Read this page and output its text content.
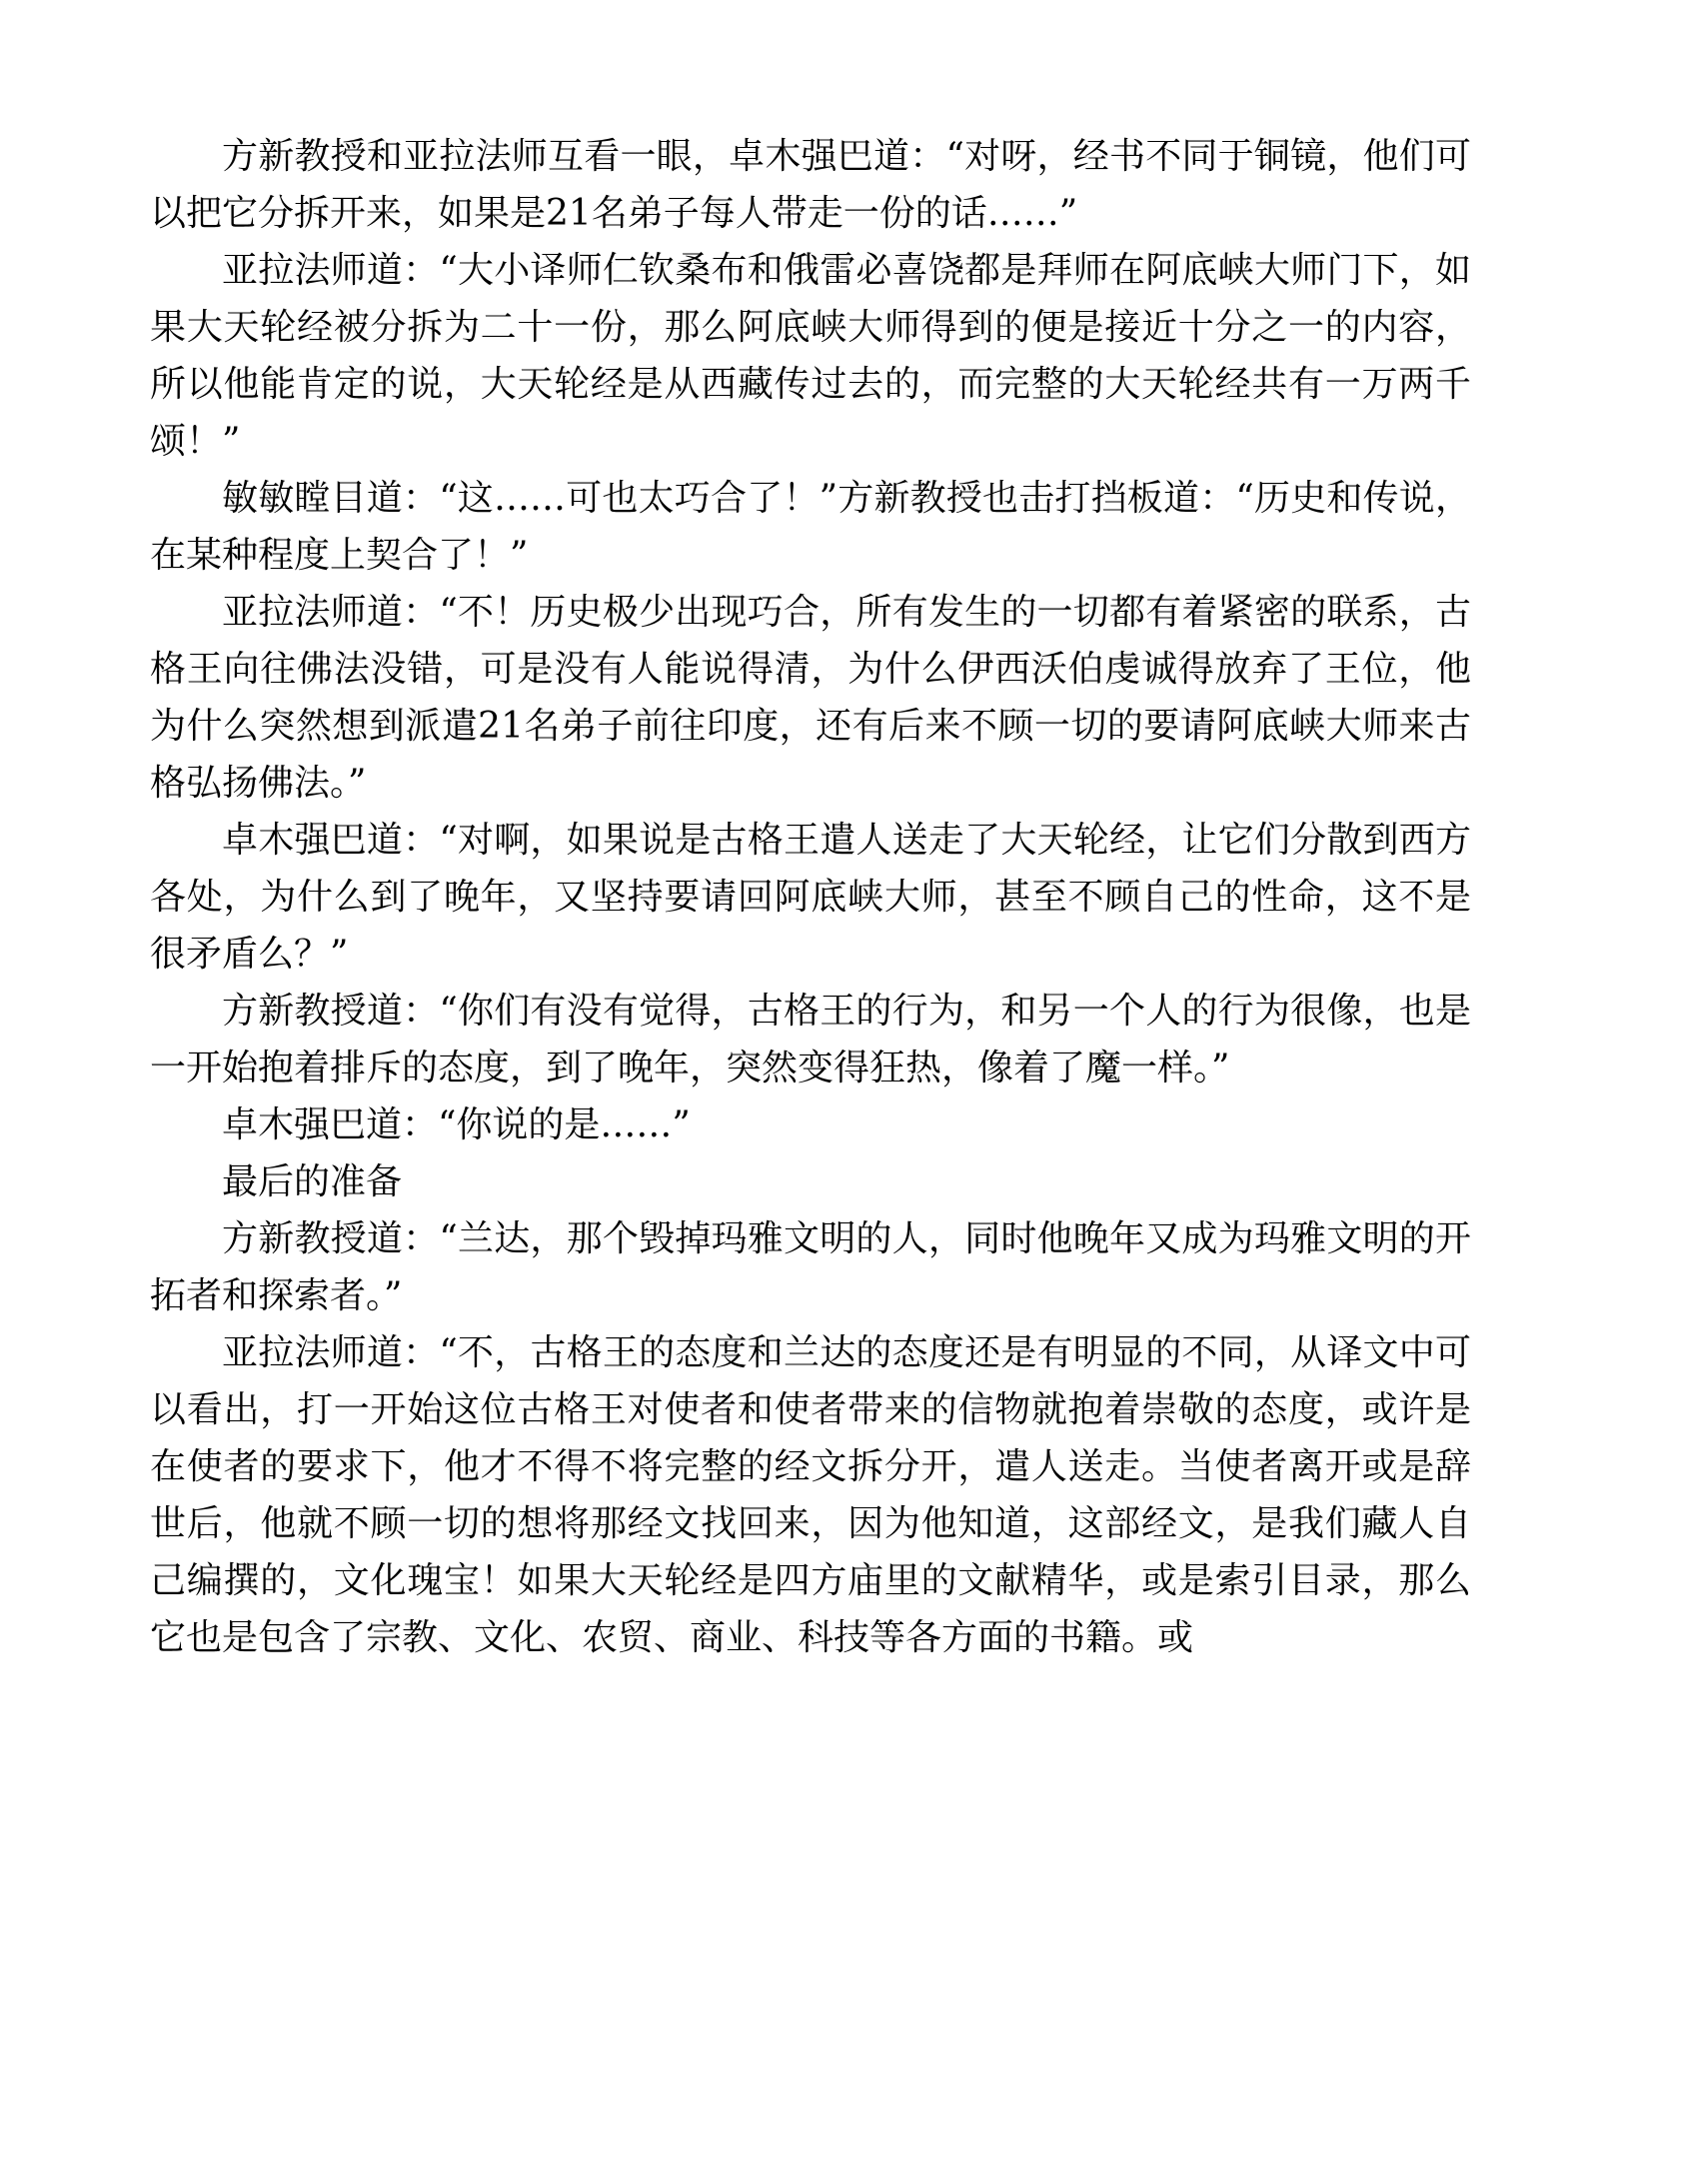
方新教授和亚拉法师互看一眼，卓木强巴道：“对呀，经书不同于铜镜，他们可以把它分拆开来，如果是21名弟子每人带走一份的话……”

亚拉法师道：“大小译师仁钦桑布和俄雷必喜饶都是拜师在阿底峡大师门下，如果大天轮经被分拆为二十一份，那么阿底峡大师得到的便是接近十分之一的内容，所以他能肯定的说，大天轮经是从西藏传过去的，而完整的大天轮经共有一万两千颂！”

敏敏瞠目道：“这……可也太巧合了！”方新教授也击打挡板道：“历史和传说，在某种程度上契合了！”

亚拉法师道：“不！历史极少出现巧合，所有发生的一切都有着紧密的联系，古格王向往佛法没错，可是没有人能说得清，为什么伊西沃伯虔诚得放弃了王位，他为什么突然想到派遣21名弟子前往印度，还有后来不顾一切的要请阿底峡大师来古格弘扬佛法。”

卓木强巴道：“对啊，如果说是古格王遣人送走了大天轮经，让它们分散到西方各处，为什么到了晚年，又坚持要请回阿底峡大师，甚至不顾自己的性命，这不是很矛盾么？”

方新教授道：“你们有没有觉得，古格王的行为，和另一个人的行为很像，也是一开始抱着排斥的态度，到了晚年，突然变得狂热，像着了魔一样。”

卓木强巴道：“你说的是……”

最后的准备

方新教授道：“兰达，那个毁掉玛雅文明的人，同时他晚年又成为玛雅文明的开拓者和探索者。”

亚拉法师道：“不，古格王的态度和兰达的态度还是有明显的不同，从译文中可以看出，打一开始这位古格王对使者和使者带来的信物就抱着崇敬的态度，或许是在使者的要求下，他才不得不将完整的经文拆分开，遣人送走。当使者离开或是辞世后，他就不顾一切的想将那经文找回来，因为他知道，这部经文，是我们藏人自己编撰的，文化瑰宝！如果大天轮经是四方庙里的文献精华，或是索引目录，那么它也是包含了宗教、文化、农贸、商业、科技等各方面的书籍。或
